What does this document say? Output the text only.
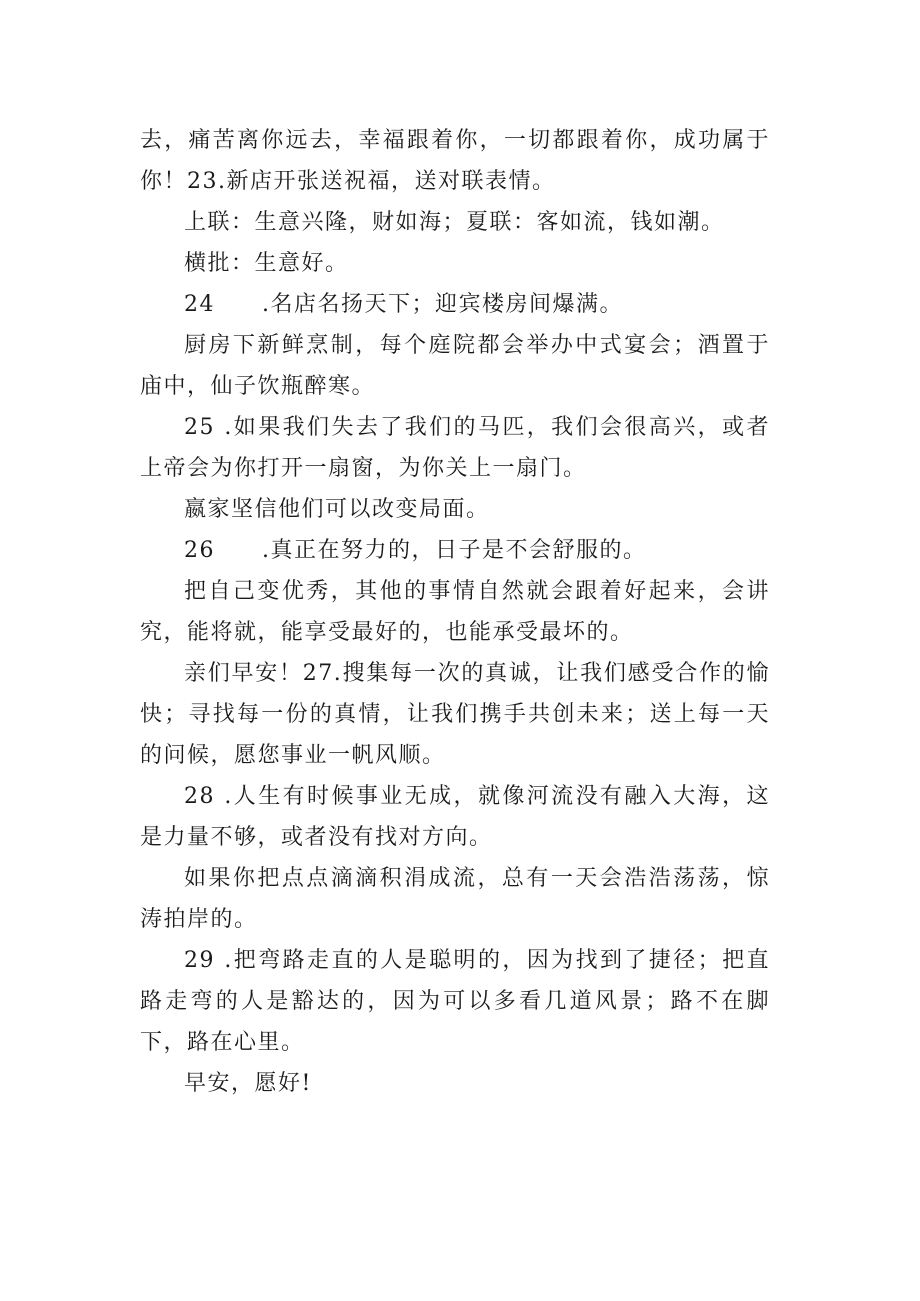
去，痛苦离你远去，幸福跟着你，一切都跟着你，成功属于你！23.新店开张送祝福，送对联表情。

上联：生意兴隆，财如海；夏联：客如流，钱如潮。

横批：生意好。

24　　.名店名扬天下；迎宾楼房间爆满。

厨房下新鲜烹制，每个庭院都会举办中式宴会；酒置于庙中，仙子饮瓶醉寒。

25 .如果我们失去了我们的马匹，我们会很高兴，或者上帝会为你打开一扇窗，为你关上一扇门。

嬴家坚信他们可以改变局面。

26　　.真正在努力的，日子是不会舒服的。

把自己变优秀，其他的事情自然就会跟着好起来，会讲究，能将就，能享受最好的，也能承受最坏的。

亲们早安！27.搜集每一次的真诚，让我们感受合作的愉快；寻找每一份的真情，让我们携手共创未来；送上每一天的问候，愿您事业一帆风顺。

28 .人生有时候事业无成，就像河流没有融入大海，这是力量不够，或者没有找对方向。

如果你把点点滴滴积涓成流，总有一天会浩浩荡荡，惊涛拍岸的。

29 .把弯路走直的人是聪明的，因为找到了捷径；把直路走弯的人是豁达的，因为可以多看几道风景；路不在脚下，路在心里。

早安，愿好!
